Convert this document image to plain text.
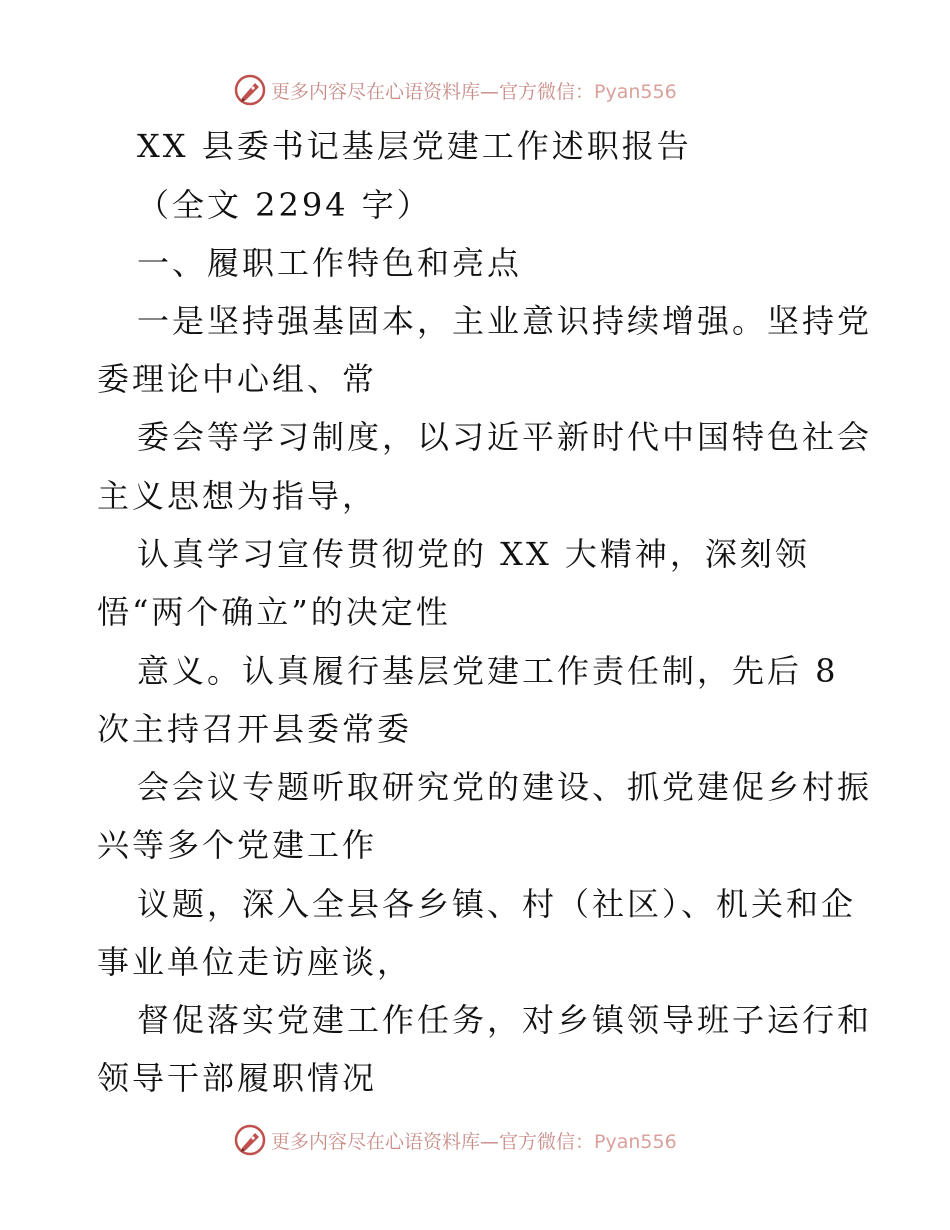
更多内容尽在心语资料库—官方微信：Pyan556
XX 县委书记基层党建工作述职报告
（全文 2294 字）
一、履职工作特色和亮点
一是坚持强基固本，主业意识持续增强。坚持党
委理论中心组、常
委会等学习制度，以习近平新时代中国特色社会
主义思想为指导，
认真学习宣传贯彻党的 XX 大精神，深刻领
悟“两个确立”的决定性
意义。认真履行基层党建工作责任制，先后 8
次主持召开县委常委
会会议专题听取研究党的建设、抓党建促乡村振
兴等多个党建工作
议题，深入全县各乡镇、村（社区）、机关和企
事业单位走访座谈，
督促落实党建工作任务，对乡镇领导班子运行和
领导干部履职情况
更多内容尽在心语资料库—官方微信：Pyan556
